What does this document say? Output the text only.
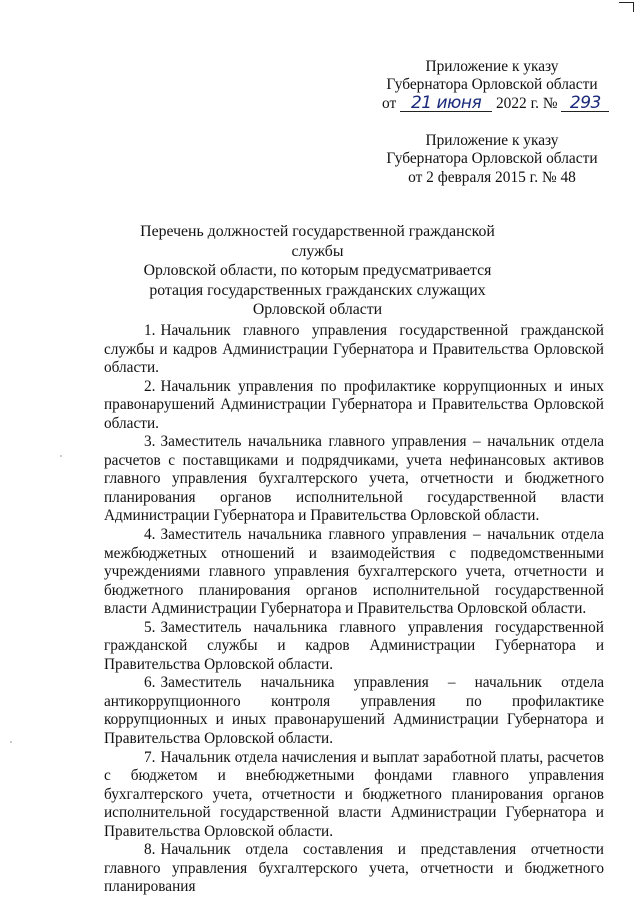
Приложение к указу
Губернатора Орловской области
от 21 июня 2022 г. № 293
Приложение к указу
Губернатора Орловской области
от 2 февраля 2015 г. № 48
Перечень должностей государственной гражданской службы
Орловской области, по которым предусматривается
ротация государственных гражданских служащих
Орловской области

1. Начальник главного управления государственной гражданской службы и кадров Администрации Губернатора и Правительства Орловской области.

2. Начальник управления по профилактике коррупционных и иных правонарушений Администрации Губернатора и Правительства Орловской области.

3. Заместитель начальника главного управления – начальник отдела расчетов с поставщиками и подрядчиками, учета нефинансовых активов главного управления бухгалтерского учета, отчетности и бюджетного планирования органов исполнительной государственной власти Администрации Губернатора и Правительства Орловской области.

4. Заместитель начальника главного управления – начальник отдела межбюджетных отношений и взаимодействия с подведомственными учреждениями главного управления бухгалтерского учета, отчетности и бюджетного планирования органов исполнительной государственной власти Администрации Губернатора и Правительства Орловской области.

5. Заместитель начальника главного управления государственной гражданской службы и кадров Администрации Губернатора и Правительства Орловской области.

6. Заместитель начальника управления – начальник отдела антикоррупционного контроля управления по профилактике коррупционных и иных правонарушений Администрации Губернатора и Правительства Орловской области.

7. Начальник отдела начисления и выплат заработной платы, расчетов с бюджетом и внебюджетными фондами главного управления бухгалтерского учета, отчетности и бюджетного планирования органов исполнительной государственной власти Администрации Губернатора и Правительства Орловской области.

8. Начальник отдела составления и представления отчетности главного управления бухгалтерского учета, отчетности и бюджетного планирования
